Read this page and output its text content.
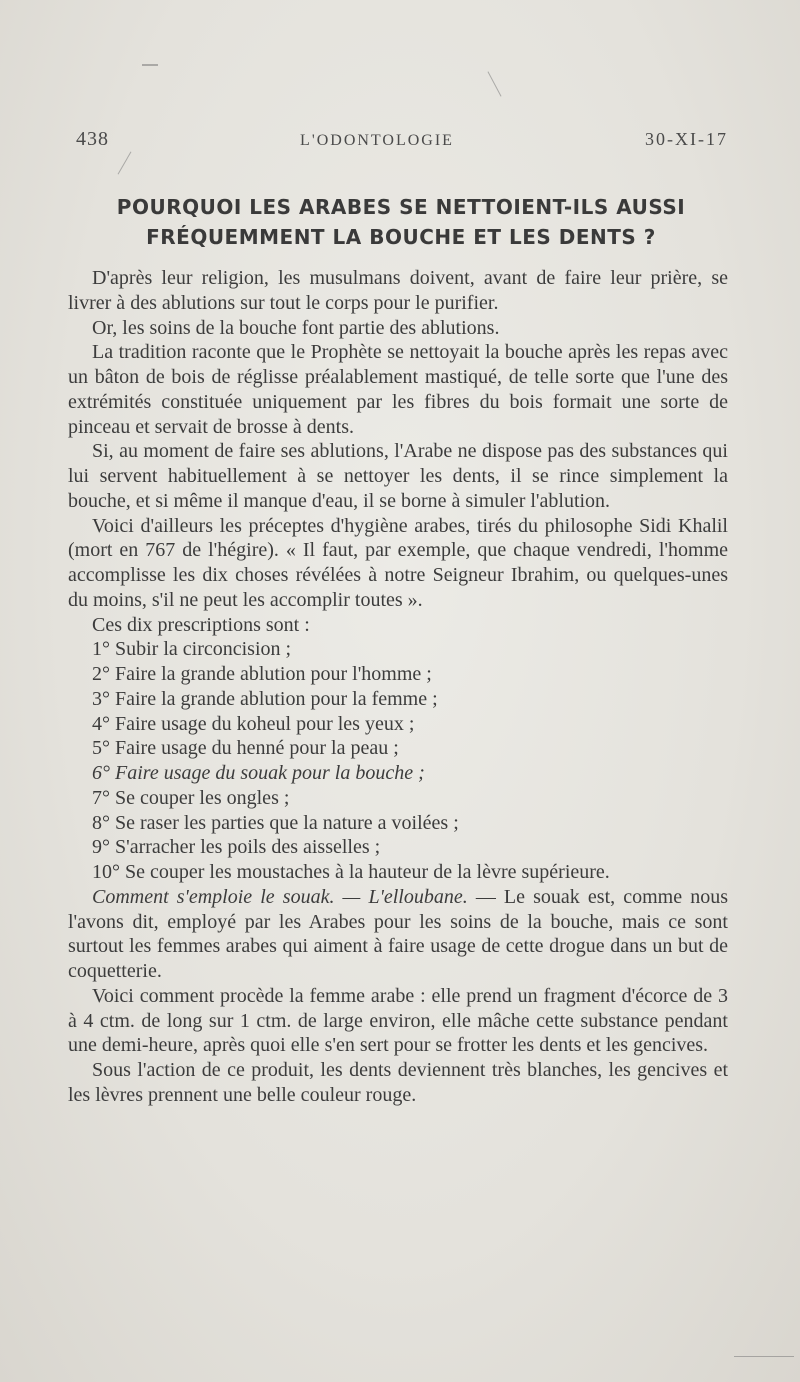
438	L'ODONTOLOGIE	30-XI-17
POURQUOI LES ARABES SE NETTOIENT-ILS AUSSI
FRÉQUEMMENT LA BOUCHE ET LES DENTS ?

D'après leur religion, les musulmans doivent, avant de faire leur prière, se livrer à des ablutions sur tout le corps pour le purifier.

Or, les soins de la bouche font partie des ablutions.

La tradition raconte que le Prophète se nettoyait la bouche après les repas avec un bâton de bois de réglisse préalablement mastiqué, de telle sorte que l'une des extrémités constituée uniquement par les fibres du bois formait une sorte de pinceau et servait de brosse à dents.

Si, au moment de faire ses ablutions, l'Arabe ne dispose pas des substances qui lui servent habituellement à se nettoyer les dents, il se rince simplement la bouche, et si même il manque d'eau, il se borne à simuler l'ablution.

Voici d'ailleurs les préceptes d'hygiène arabes, tirés du philosophe Sidi Khalil (mort en 767 de l'hégire). « Il faut, par exemple, que chaque vendredi, l'homme accomplisse les dix choses révélées à notre Seigneur Ibrahim, ou quelques-unes du moins, s'il ne peut les accomplir toutes ».

Ces dix prescriptions sont :

1° Subir la circoncision ;
2° Faire la grande ablution pour l'homme ;
3° Faire la grande ablution pour la femme ;
4° Faire usage du koheul pour les yeux ;
5° Faire usage du henné pour la peau ;
6° Faire usage du souak pour la bouche ;
7° Se couper les ongles ;
8° Se raser les parties que la nature a voilées ;
9° S'arracher les poils des aisselles ;

10° Se couper les moustaches à la hauteur de la lèvre supérieure.

Comment s'emploie le souak. — L'elloubane. — Le souak est, comme nous l'avons dit, employé par les Arabes pour les soins de la bouche, mais ce sont surtout les femmes arabes qui aiment à faire usage de cette drogue dans un but de coquetterie.

Voici comment procède la femme arabe : elle prend un fragment d'écorce de 3 à 4 ctm. de long sur 1 ctm. de large environ, elle mâche cette substance pendant une demi-heure, après quoi elle s'en sert pour se frotter les dents et les gencives.

Sous l'action de ce produit, les dents deviennent très blanches, les gencives et les lèvres prennent une belle couleur rouge.
